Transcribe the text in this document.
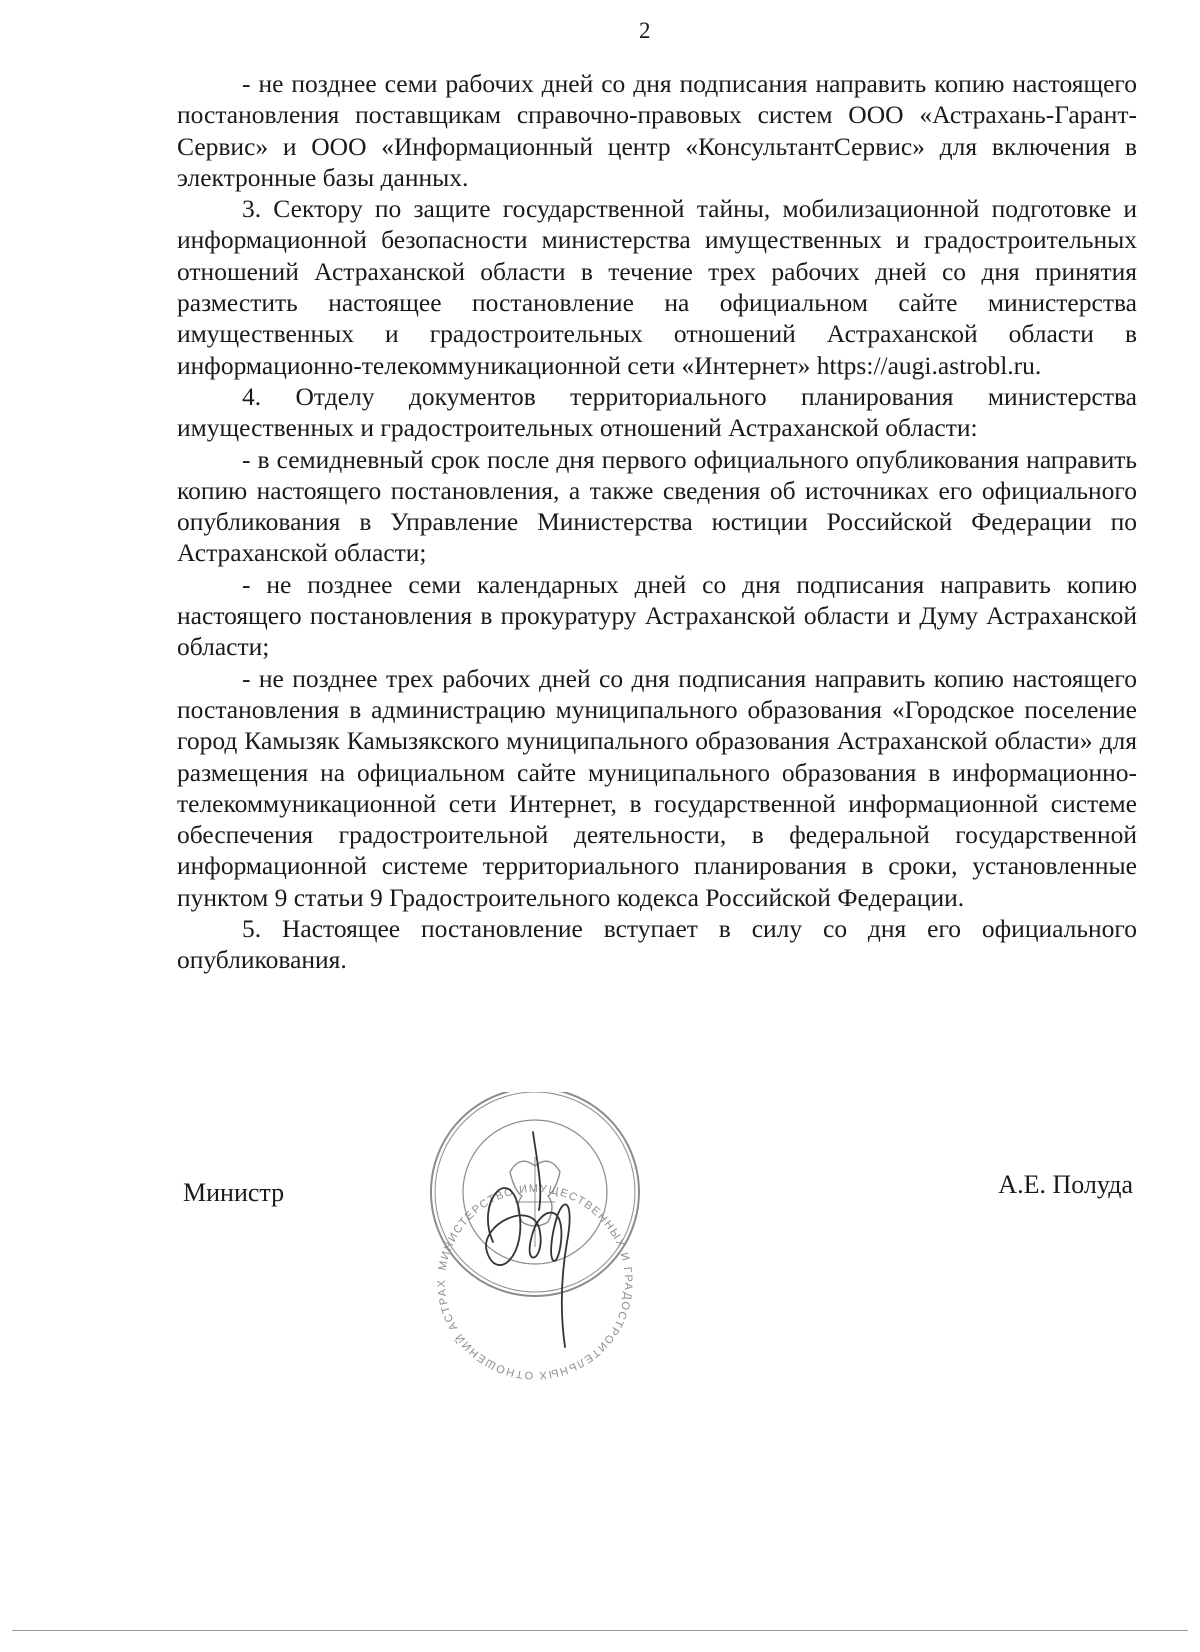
2

- не позднее семи рабочих дней со дня подписания направить копию настоящего постановления поставщикам справочно-правовых систем ООО «Астрахань-Гарант-Сервис» и ООО «Информационный центр «КонсультантСервис» для включения в электронные базы данных.

3. Сектору по защите государственной тайны, мобилизационной подготовке и информационной безопасности министерства имущественных и градостроительных отношений Астраханской области в течение трех рабочих дней со дня принятия разместить настоящее постановление на официальном сайте министерства имущественных и градостроительных отношений Астраханской области в информационно-телекоммуникационной сети «Интернет» https://augi.astrobl.ru.

4. Отделу документов территориального планирования министерства имущественных и градостроительных отношений Астраханской области:

- в семидневный срок после дня первого официального опубликования направить копию настоящего постановления, а также сведения об источниках его официального опубликования в Управление Министерства юстиции Российской Федерации по Астраханской области;

- не позднее семи календарных дней со дня подписания направить копию настоящего постановления в прокуратуру Астраханской области и Думу Астраханской области;

- не позднее трех рабочих дней со дня подписания направить копию настоящего постановления в администрацию муниципального образования «Городское поселение город Камызяк Камызякского муниципального образования Астраханской области» для размещения на официальном сайте муниципального образования в информационно-телекоммуникационной сети Интернет, в государственной информационной системе обеспечения градостроительной деятельности, в федеральной государственной информационной системе территориального планирования в сроки, установленные пунктом 9 статьи 9 Градостроительного кодекса Российской Федерации.

5. Настоящее постановление вступает в силу со дня его официального опубликования.

Министр
МИНИСТЕРСТВО ИМУЩЕСТВЕННЫХ И ГРАДОСТРОИТЕЛЬНЫХ ОТНОШЕНИЙ АСТРАХ
А.Е. Полуда
